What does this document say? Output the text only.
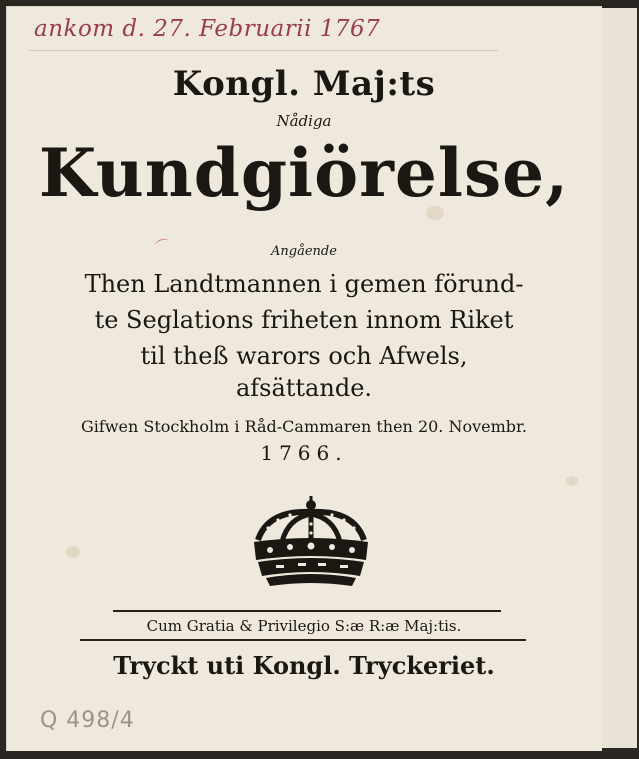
ankom d. 27. Februarii 1767
Kongl. Maj:ts
Nådiga
Kundgiörelse,
⌒	Angående
Then Landtmannen i gemen förund-
te Seglations friheten innom Riket
til theß warors och Afwels,
afsättande.
Gifwen Stockholm i Råd-Cammaren then 20. Novembr.
1766.
Cum Gratia & Privilegio S:æ R:æ Maj:tis.
Tryckt uti Kongl. Tryckeriet.
Q 498/4
